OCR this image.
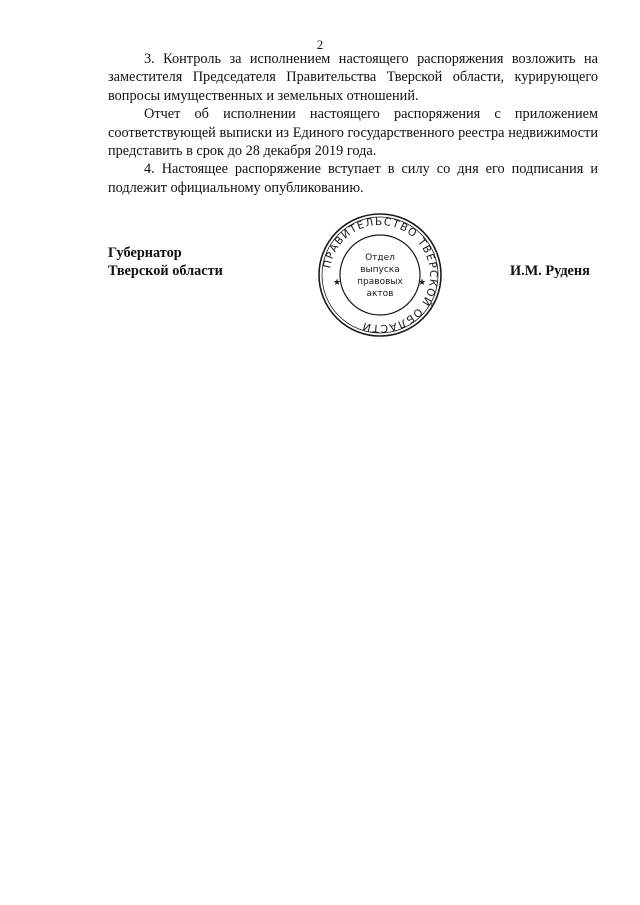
2

3. Контроль за исполнением настоящего распоряжения возложить на заместителя Председателя Правительства Тверской области, курирующего вопросы имущественных и земельных отношений.

Отчет об исполнении настоящего распоряжения с приложением соответствующей выписки из Единого государственного реестра недвижимости представить в срок до 28 декабря 2019 года.

4. Настоящее распоряжение вступает в силу со дня его подписания и подлежит официальному опубликованию.

Губернатор
Тверской области	ПРАВИТЕЛЬСТВО ТВЕРСКОЙ ОБЛАСТИ
★	★
Отдел
выпуска
правовых
актов
И.М. Руденя
